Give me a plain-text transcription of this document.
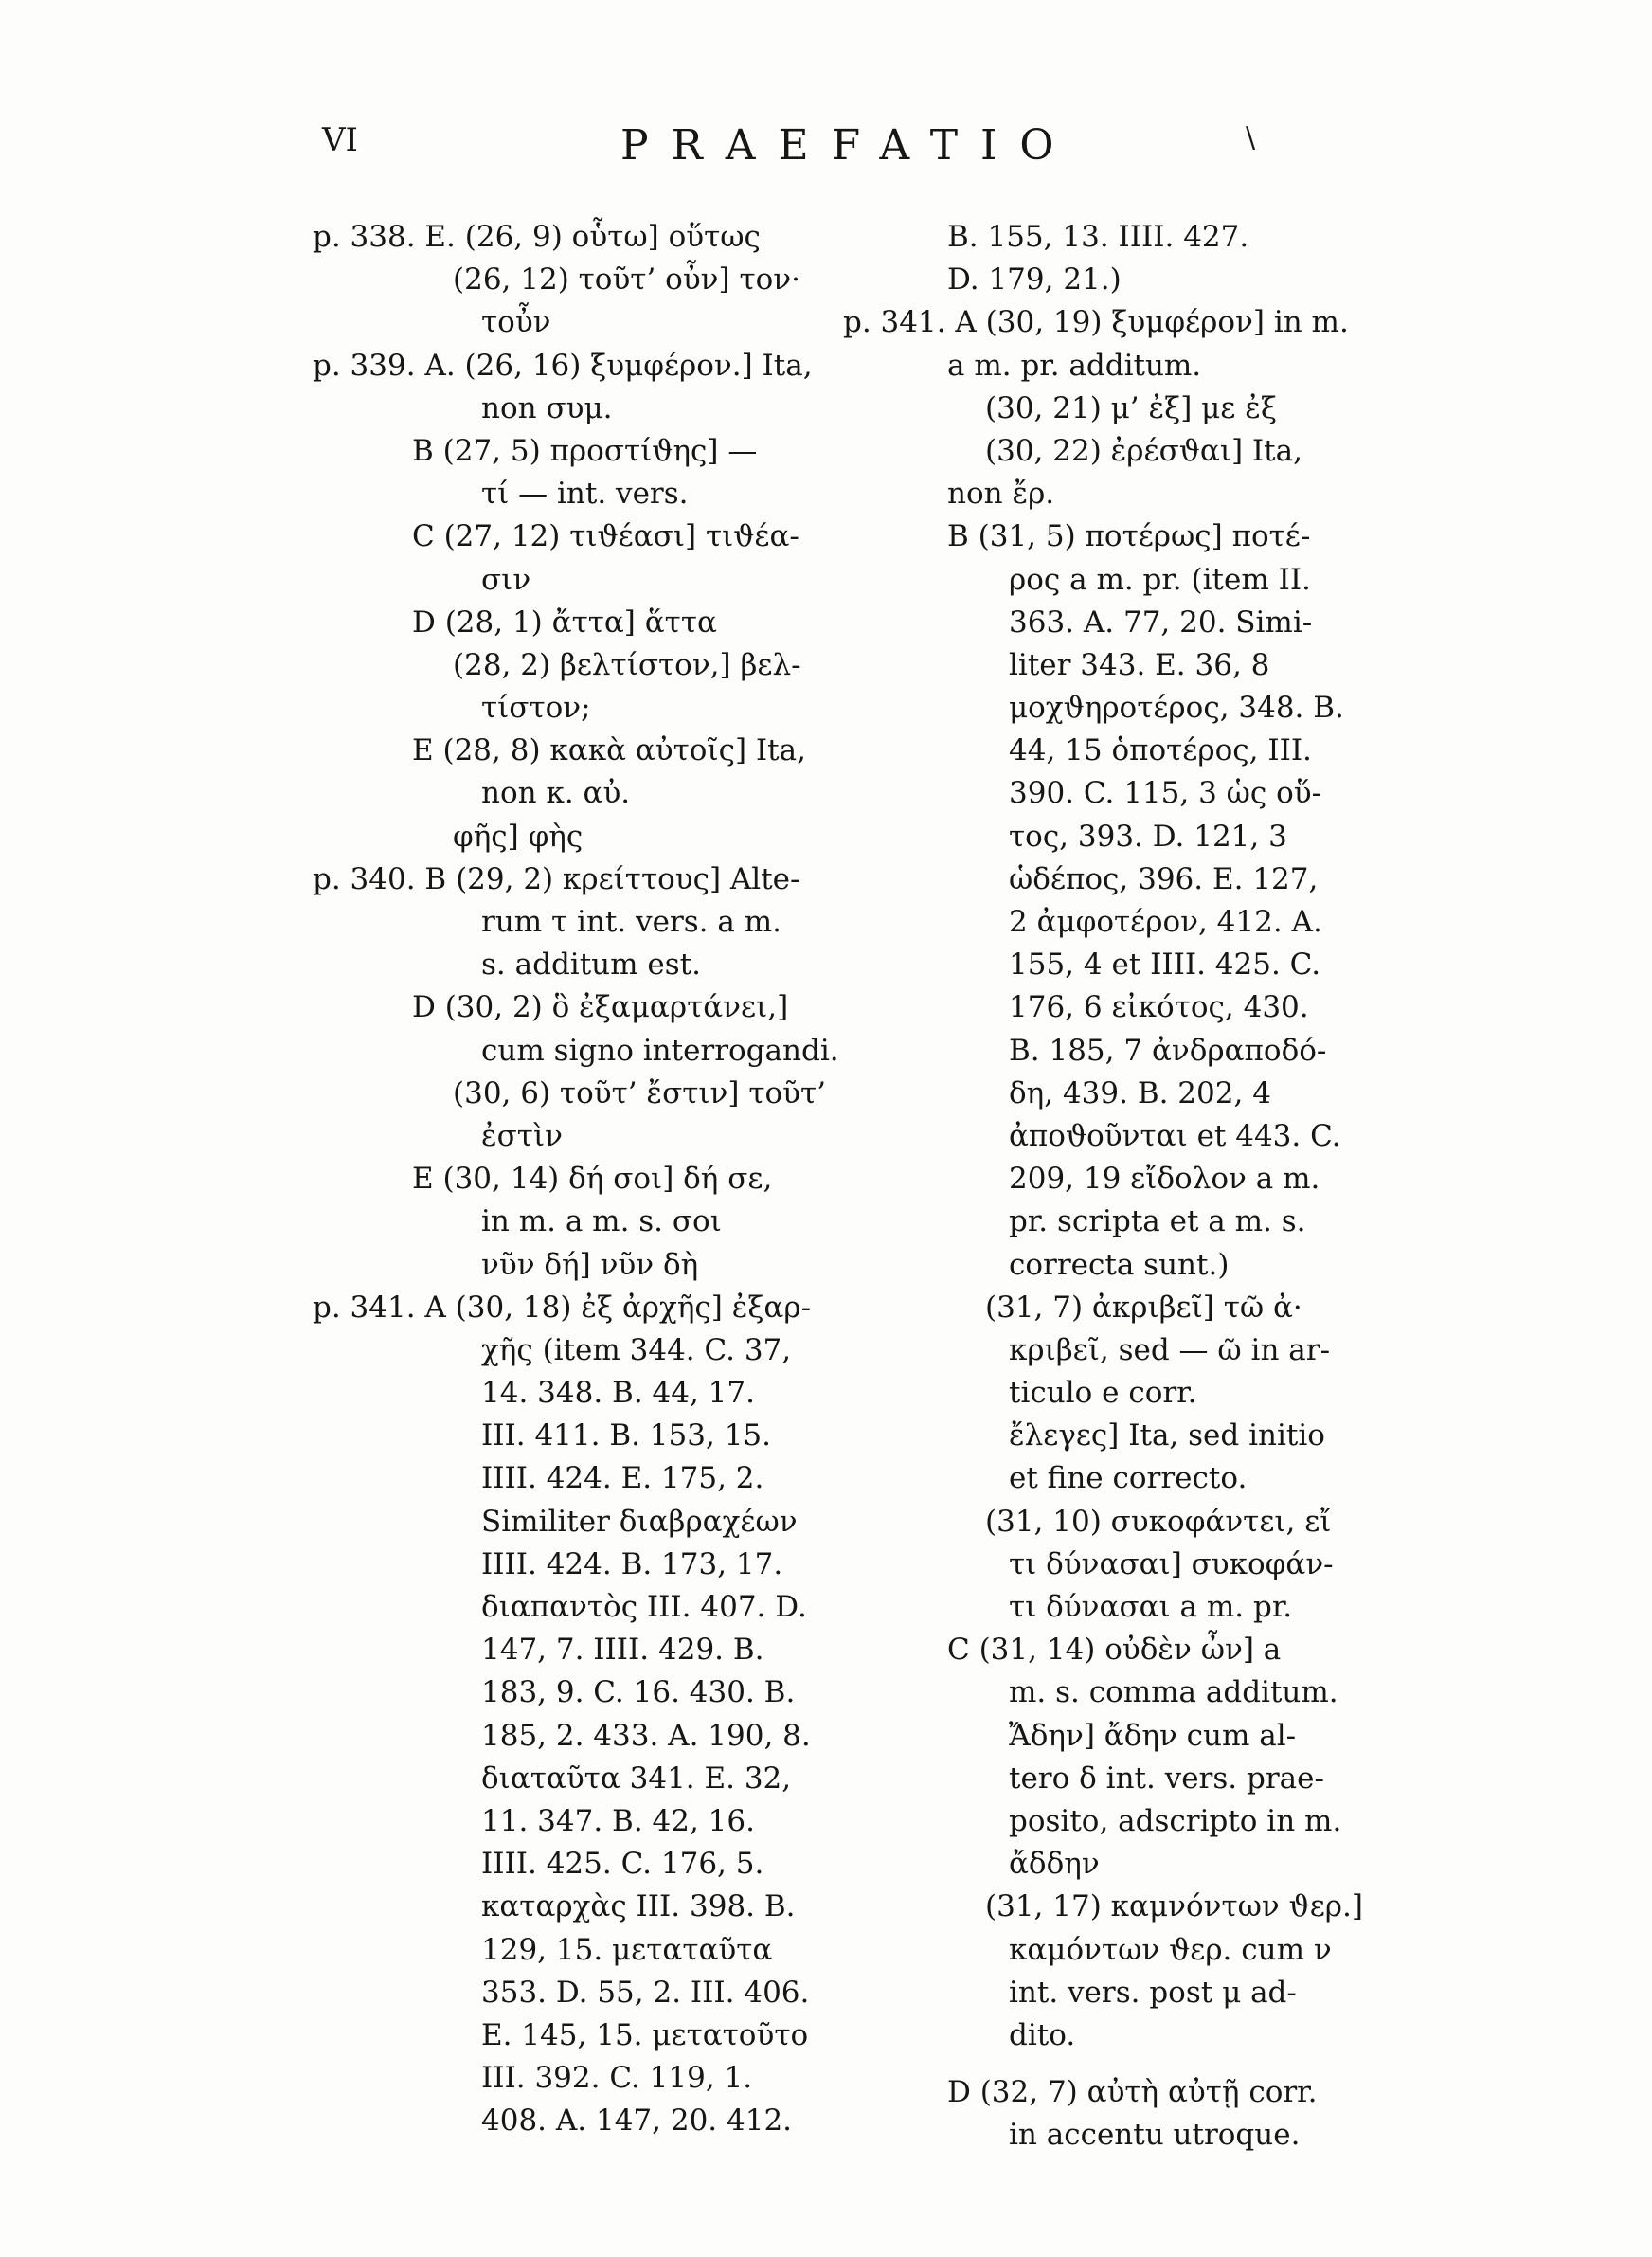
VI	PRAEFATIO	\
p. 338. E. (26, 9) οὗτω] οὕτως
(26, 12) τοῦτ’ οὖν] τον·
τοὖν
p. 339. A. (26, 16) ξυμφέρον.] Ita,
non συμ.
B (27, 5) προστίϑης] —
τί — int. vers.
C (27, 12) τιϑέασι] τιϑέα-
σιν
D (28, 1) ἄττα] ἅττα
(28, 2) βελτίστον,] βελ-
τίστον;
E (28, 8) κακὰ αὐτοῖς] Ita,
non κ. αὐ.
φῆς] φὴς
p. 340. B (29, 2) κρείττους] Alte-
rum τ int. vers. a m.
s. additum est.
D (30, 2) ὃ ἐξαμαρτάνει,]
cum signo interrogandi.
(30, 6) τοῦτ’ ἔστιν] τοῦτ’
ἐστὶν
E (30, 14) δή σοι] δή σε,
in m. a m. s. σοι
νῦν δή] νῦν δὴ
p. 341. A (30, 18) ἐξ ἀρχῆς] ἐξαρ-
χῆς (item 344. C. 37,
14. 348. B. 44, 17.
III. 411. B. 153, 15.
IIII. 424. E. 175, 2.
Similiter διαβραχέων
IIII. 424. B. 173, 17.
διαπαντὸς III. 407. D.
147, 7. IIII. 429. B.
183, 9. C. 16. 430. B.
185, 2. 433. A. 190, 8.
διαταῦτα 341. E. 32,
11. 347. B. 42, 16.
IIII. 425. C. 176, 5.
καταρχὰς III. 398. B.
129, 15. μεταταῦτα
353. D. 55, 2. III. 406.
E. 145, 15. μετατοῦτο
III. 392. C. 119, 1.
408. A. 147, 20. 412.
B. 155, 13. IIII. 427.
D. 179, 21.)
p. 341. A (30, 19) ξυμφέρον] in m.
a m. pr. additum.
(30, 21) μ’ ἐξ] με ἐξ
(30, 22) ἐρέσϑαι] Ita,
non ἔρ.
B (31, 5) ποτέρως] ποτέ-
ρος a m. pr. (item II.
363. A. 77, 20. Simi-
liter 343. E. 36, 8
μοχϑηροτέρος, 348. B.
44, 15 ὁποτέρος, III.
390. C. 115, 3 ὡς οὕ-
τος, 393. D. 121, 3
ὡδέπος, 396. E. 127,
2 ἀμφοτέρον, 412. A.
155, 4 et IIII. 425. C.
176, 6 εἰκότος, 430.
B. 185, 7 ἀνδραποδό-
δη, 439. B. 202, 4
ἀποϑοῦνται et 443. C.
209, 19 εἴδολον a m.
pr. scripta et a m. s.
correcta sunt.)
(31, 7) ἀκριβεῖ] τῶ ἀ·
κριβεῖ, sed — ῶ in ar-
ticulo e corr.
ἔλεγες] Ita, sed initio
et fine correcto.
(31, 10) συκοφάντει, εἴ
τι δύνασαι] συκοφάν-
τι δύνασαι a m. pr.
C (31, 14) οὐδὲν ὦν] a
m. s. comma additum.
Ἄδην] ἄδην cum al-
tero δ int. vers. prae-
posito, adscripto in m.
ἄδδην
(31, 17) καμνόντων ϑερ.]
καμόντων ϑερ. cum ν
int. vers. post μ ad-
dito.
D (32, 7) αὐτὴ αὐτῇ corr.
in accentu utroque.
